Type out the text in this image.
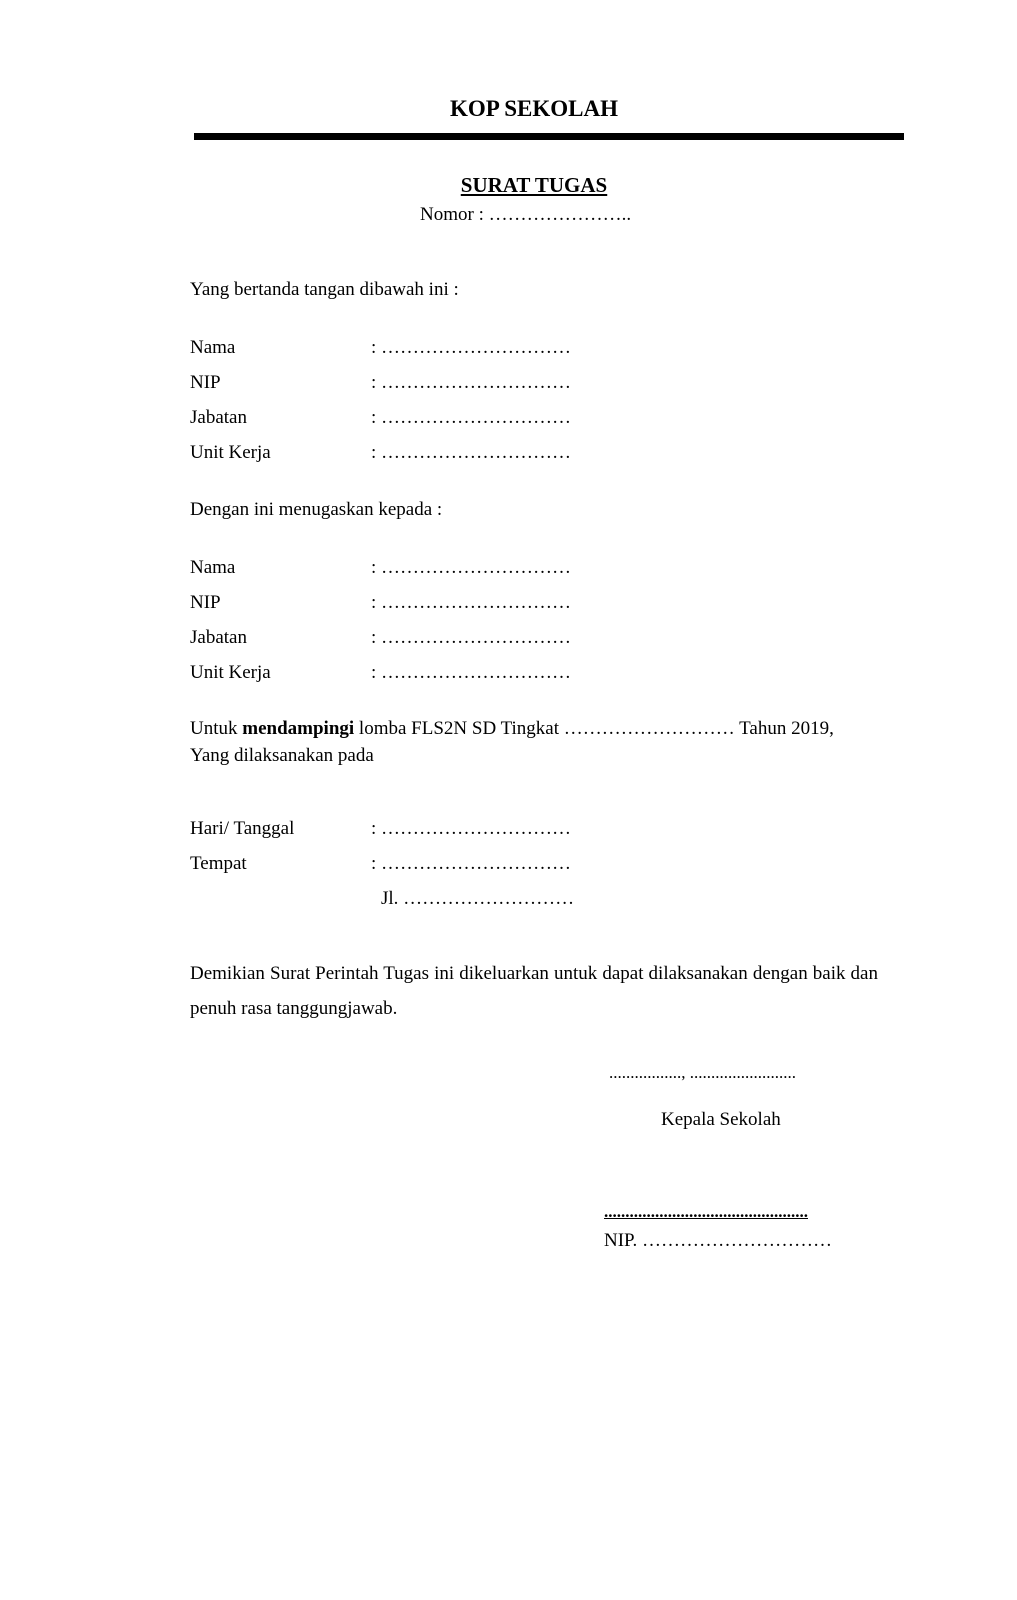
KOP SEKOLAH
SURAT TUGAS
Nomor : …………………..
Yang bertanda tangan dibawah ini :
Nama	: …………………………
NIP	: …………………………
Jabatan	: …………………………
Unit Kerja	: …………………………
Dengan ini menugaskan kepada :
Nama	: …………………………
NIP	: …………………………
Jabatan	: …………………………
Unit Kerja	: …………………………
Untuk mendampingi lomba FLS2N SD Tingkat ……………………… Tahun 2019,
Yang dilaksanakan pada
Hari/ Tanggal	: …………………………
Tempat	: …………………………
Jl. ………………………
Demikian Surat Perintah Tugas ini dikeluarkan untuk dapat dilaksanakan dengan baik dan penuh rasa tanggungjawab.
................., .........................
Kepala Sekolah
................................................
NIP. …………………………
